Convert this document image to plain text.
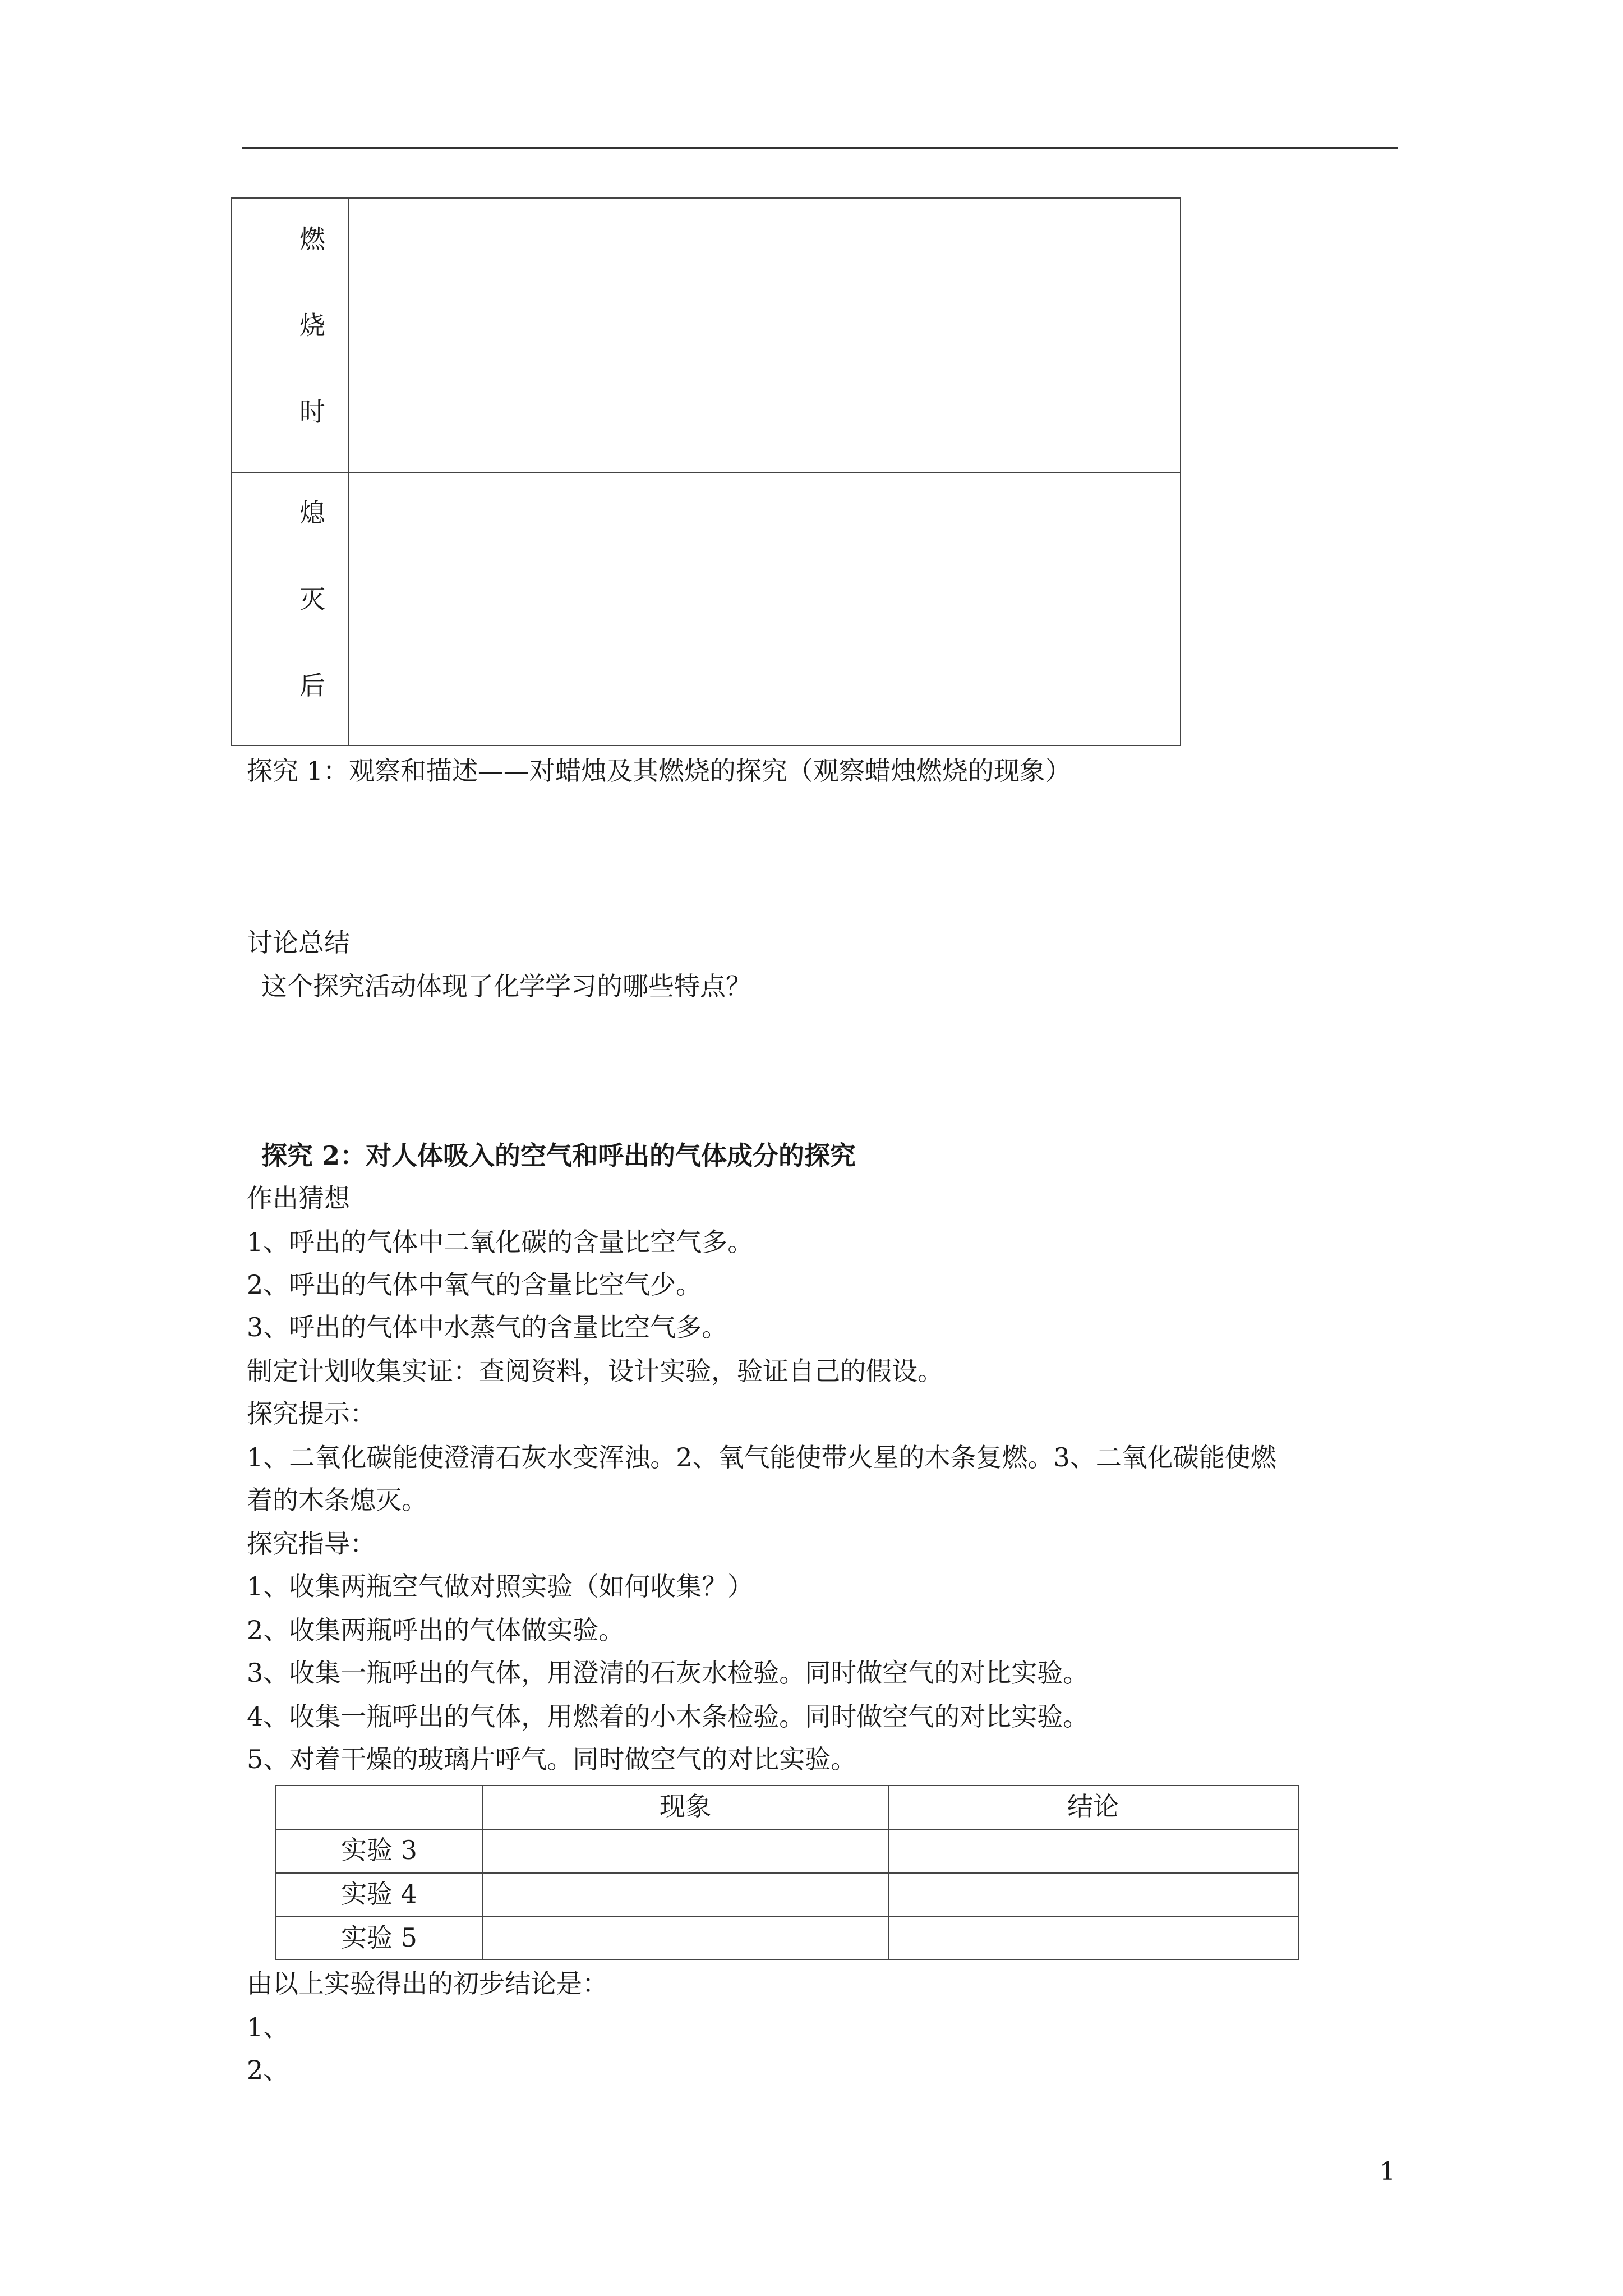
燃
烧
时
熄
灭
后
探究 1：观察和描述——对蜡烛及其燃烧的探究（观察蜡烛燃烧的现象）
讨论总结
这个探究活动体现了化学学习的哪些特点？
探究 2：对人体吸入的空气和呼出的气体成分的探究
作出猜想
1、呼出的气体中二氧化碳的含量比空气多。
2、呼出的气体中氧气的含量比空气少。
3、呼出的气体中水蒸气的含量比空气多。
制定计划收集实证：查阅资料，设计实验，验证自己的假设。
探究提示：
1、二氧化碳能使澄清石灰水变浑浊。2、氧气能使带火星的木条复燃。3、二氧化碳能使燃
着的木条熄灭。
探究指导：
1、收集两瓶空气做对照实验（如何收集？）
2、收集两瓶呼出的气体做实验。
3、收集一瓶呼出的气体，用澄清的石灰水检验。同时做空气的对比实验。
4、收集一瓶呼出的气体，用燃着的小木条检验。同时做空气的对比实验。
5、对着干燥的玻璃片呼气。同时做空气的对比实验。
现象	结论
实验 3
实验 4
实验 5
由以上实验得出的初步结论是：
1、
2、
1
